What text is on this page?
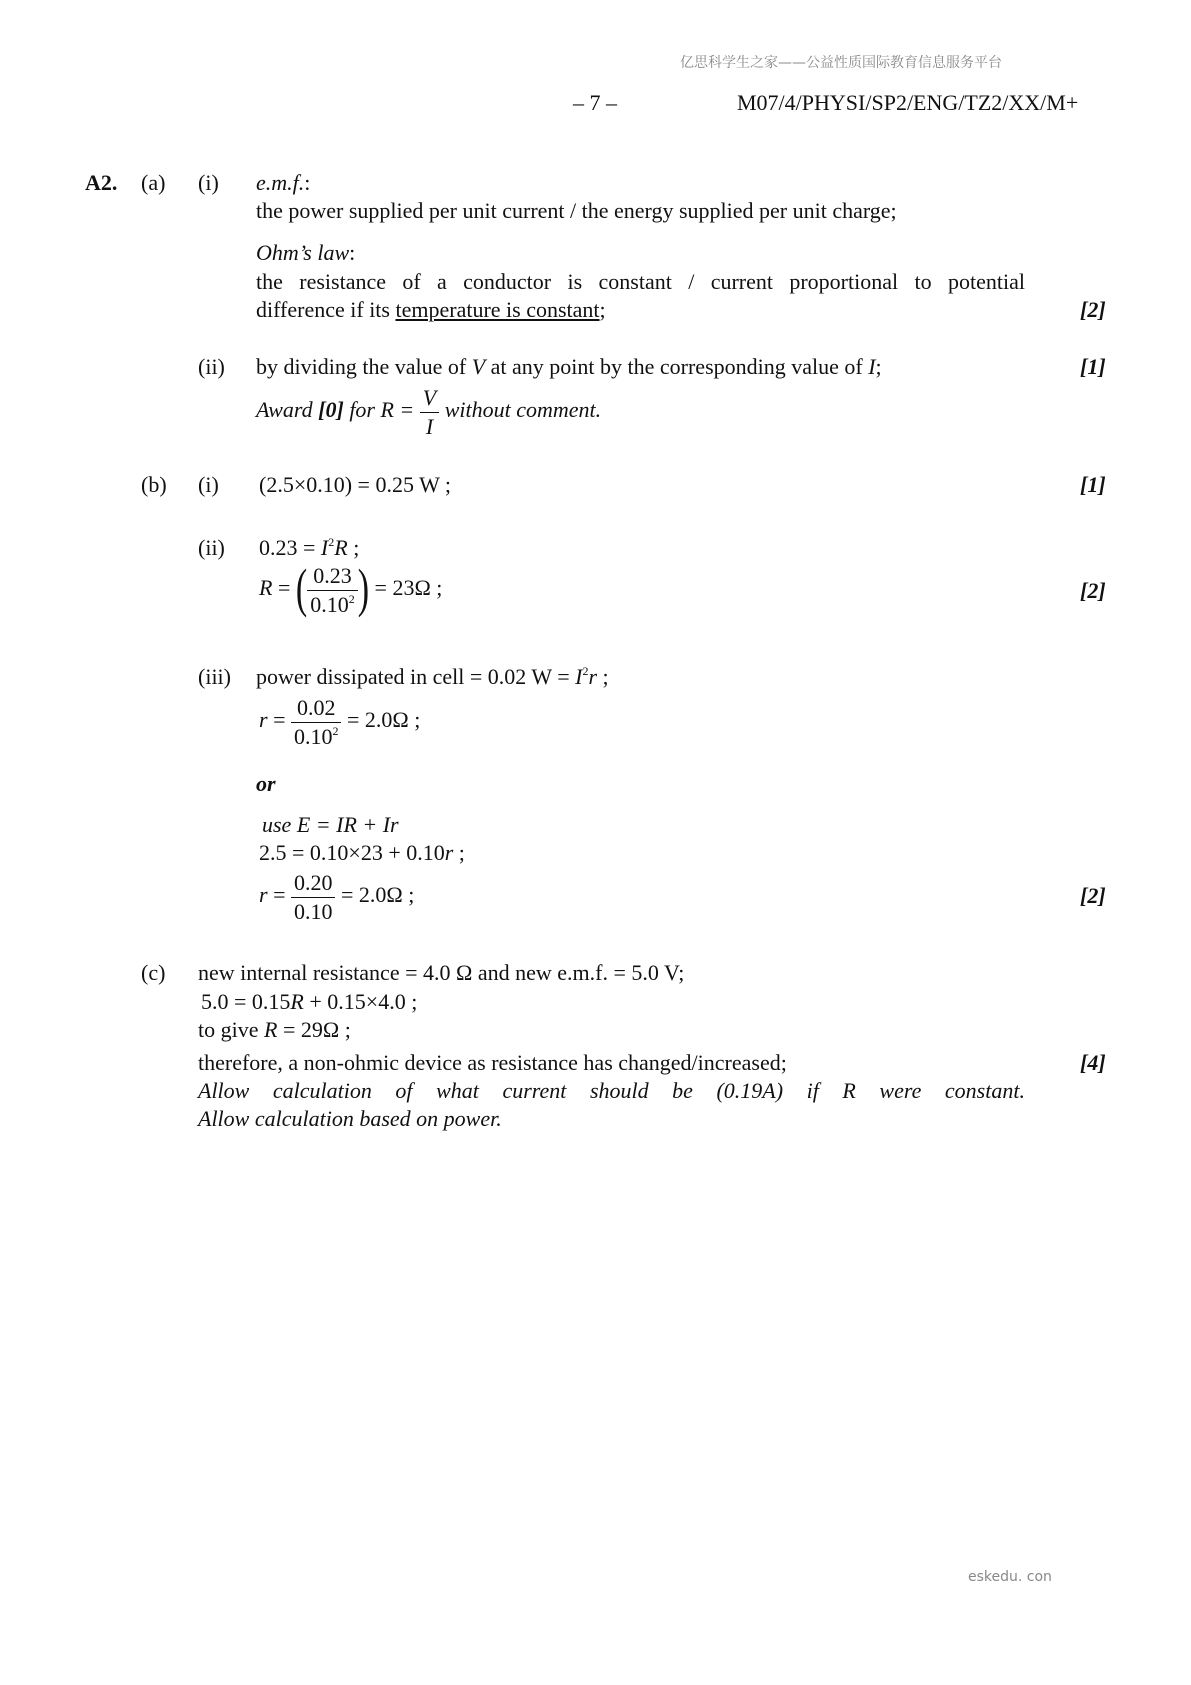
亿思科学生之家——公益性质国际教育信息服务平台
– 7 –	M07/4/PHYSI/SP2/ENG/TZ2/XX/M+
A2. (a) (i) e.m.f.:
the power supplied per unit current / the energy supplied per unit charge;
Ohm’s law:
the resistance of a conductor is constant / current proportional to potential
difference if its temperature is constant;	[2]
(ii) by dividing the value of V at any point by the corresponding value of I;	[1]
Award [0] for $R = \frac{V}{I}$ without comment.
(b) (i) (2.5×0.10) = 0.25 W ;	[1]
(ii) $0.23 = I^2R$ ;
R = ( $\frac{0.23}{0.10^2}$ ) = 23Ω ;	[2]
(iii) power dissipated in cell = 0.02 $W = I^2r$ ;
$r = \frac{0.02}{0.10^2} = 2.0\Omega$ ;
or
use E = IR + Ir
2.5 = 0.10×23 + 0.10r ;
$r = \frac{0.20}{0.10} = 2.0\Omega$ ;	[2]
(c) new internal resistance = 4.0 Ω and new e.m.f. = 5.0 V;
5.0 = 0.15R + 0.15×4.0 ;
to give R = 29Ω ;
therefore, a non-ohmic device as resistance has changed/increased;	[4]
Allow calculation of what current should be (0.19A) if R were constant.
Allow calculation based on power.
eskedu. con
